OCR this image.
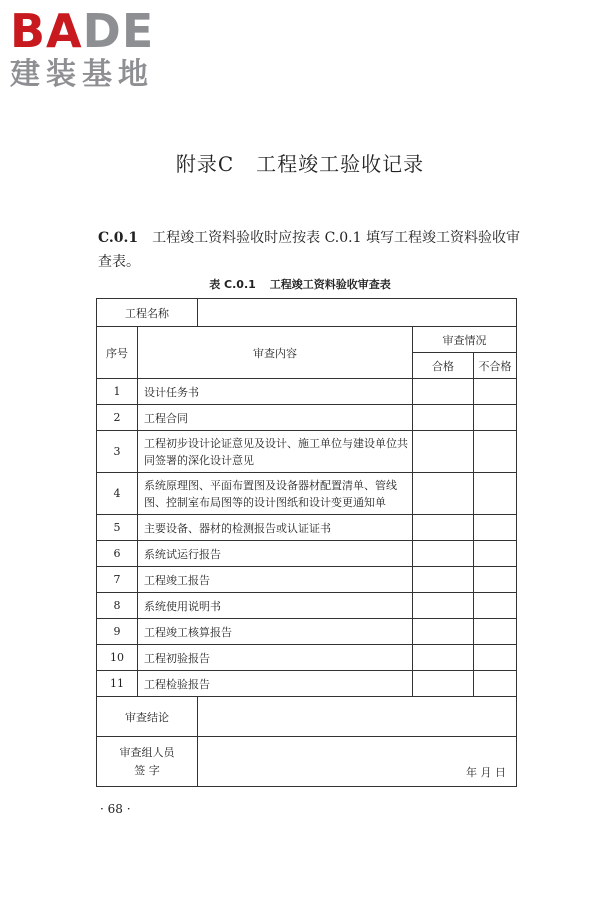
BADE
建装基地
附录C 工程竣工验收记录
C.0.1 工程竣工资料验收时应按表 C.0.1 填写工程竣工资料验收审查表。
表 C.0.1 工程竣工资料验收审查表
工程名称				
序号	审查内容		审查情况	
			合格	不合格
1	设计任务书			
2	工程合同			
3	工程初步设计论证意见及设计、施工单位与建设单位共同签署的深化设计意见			
4	系统原理图、平面布置图及设备器材配置清单、管线图、控制室布局图等的设计图纸和设计变更通知单			
5	主要设备、器材的检测报告或认证证书			
6	系统试运行报告			
7	工程竣工报告			
8	系统使用说明书			
9	工程竣工核算报告			
10	工程初验报告			
11	工程检验报告			
审查结论				

审查组人员
签 字		年 月 日		
· 68 ·
